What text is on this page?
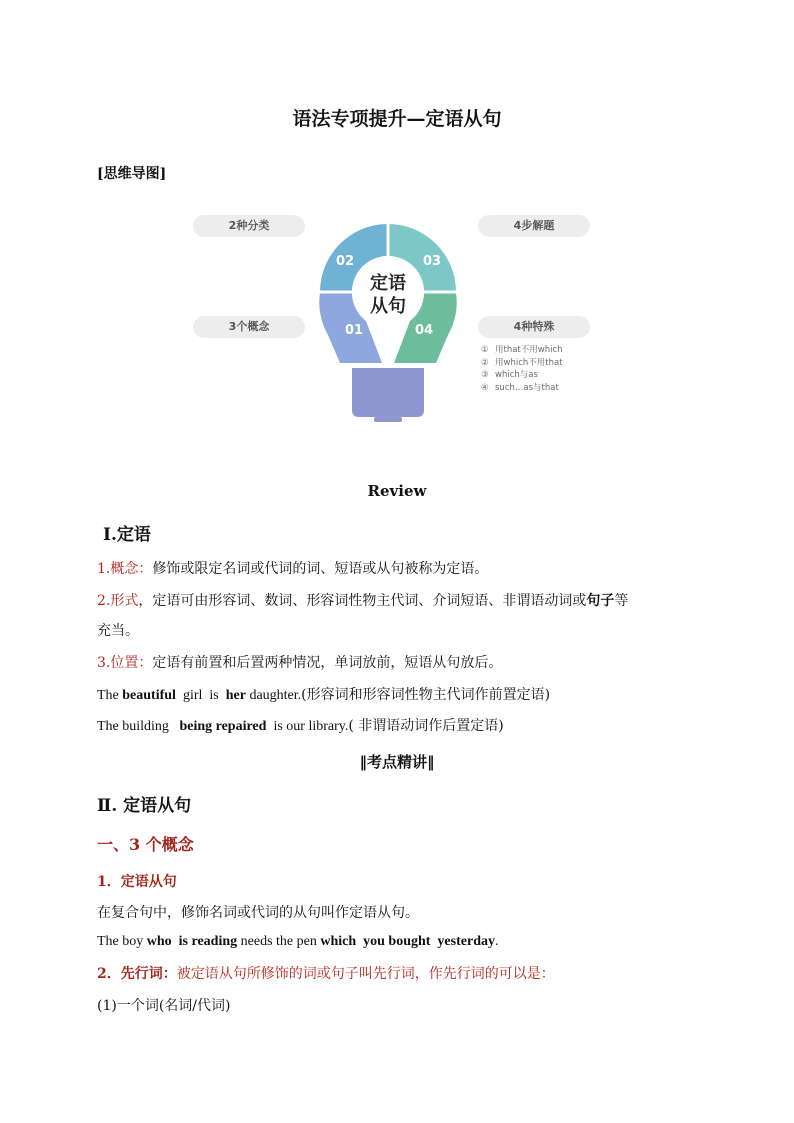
语法专项提升—定语从句
[思维导图]
2种分类
3个概念
4步解题
4种特殊
02	03
01	04
定语
从句
① 用that不用which
② 用which不用that
③ which与as
④ such…as与that
Review
Ⅰ.定语
1.概念：修饰或限定名词或代词的词、短语或从句被称为定语。
2.形式，定语可由形容词、数词、形容词性物主代词、介词短语、非谓语动词或句子等
充当。
3.位置：定语有前置和后置两种情况，单词放前，短语从句放后。
The beautiful  girl  is  her daughter.(形容词和形容词性物主代词作前置定语)
The building   being repaired  is our library.( 非谓语动词作后置定语)
‖考点精讲‖
Ⅱ. 定语从句
一、3 个概念
1．定语从句
在复合句中，修饰名词或代词的从句叫作定语从句。
The boy who  is reading needs the pen which  you bought  yesterday.
2．先行词：被定语从句所修饰的词或句子叫先行词，作先行词的可以是：
(1)一个词(名词/代词)
